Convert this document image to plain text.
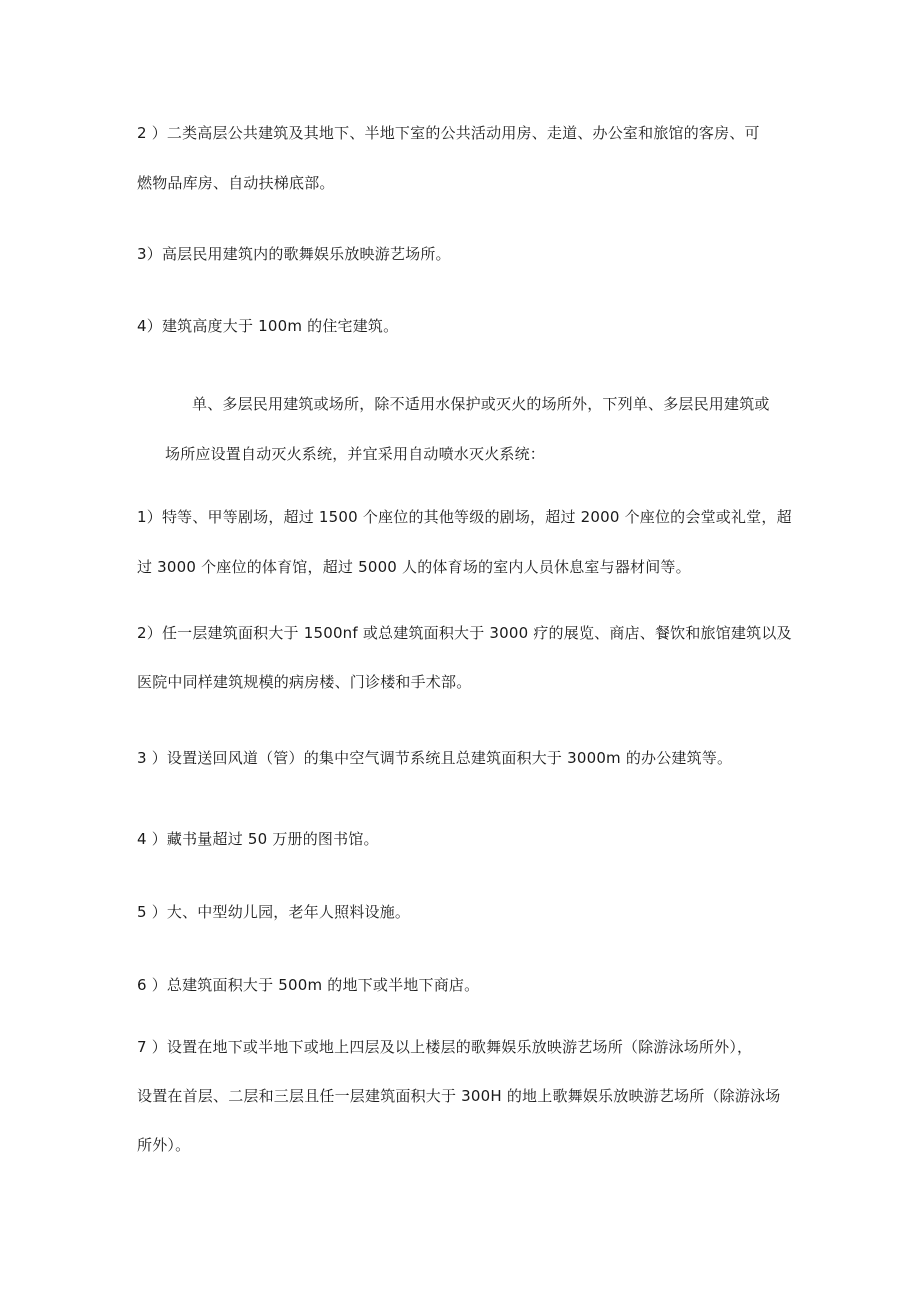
2 ）二类高层公共建筑及其地下、半地下室的公共活动用房、走道、办公室和旅馆的客房、可

燃物品库房、自动扶梯底部。

3）高层民用建筑内的歌舞娱乐放映游艺场所。

4）建筑高度大于 100m 的住宅建筑。

单、多层民用建筑或场所，除不适用水保护或灭火的场所外，下列单、多层民用建筑或

场所应设置自动灭火系统，并宜采用自动喷水灭火系统：

1）特等、甲等剧场，超过 1500 个座位的其他等级的剧场，超过 2000 个座位的会堂或礼堂，超

过 3000 个座位的体育馆，超过 5000 人的体育场的室内人员休息室与器材间等。

2）任一层建筑面积大于 1500nf 或总建筑面积大于 3000 疗的展览、商店、餐饮和旅馆建筑以及

医院中同样建筑规模的病房楼、门诊楼和手术部。

3 ）设置送回风道（管）的集中空气调节系统且总建筑面积大于 3000m 的办公建筑等。

4 ）藏书量超过 50 万册的图书馆。

5 ）大、中型幼儿园，老年人照料设施。

6 ）总建筑面积大于 500m 的地下或半地下商店。

7 ）设置在地下或半地下或地上四层及以上楼层的歌舞娱乐放映游艺场所（除游泳场所外），

设置在首层、二层和三层且任一层建筑面积大于 300H 的地上歌舞娱乐放映游艺场所（除游泳场

所外）。
